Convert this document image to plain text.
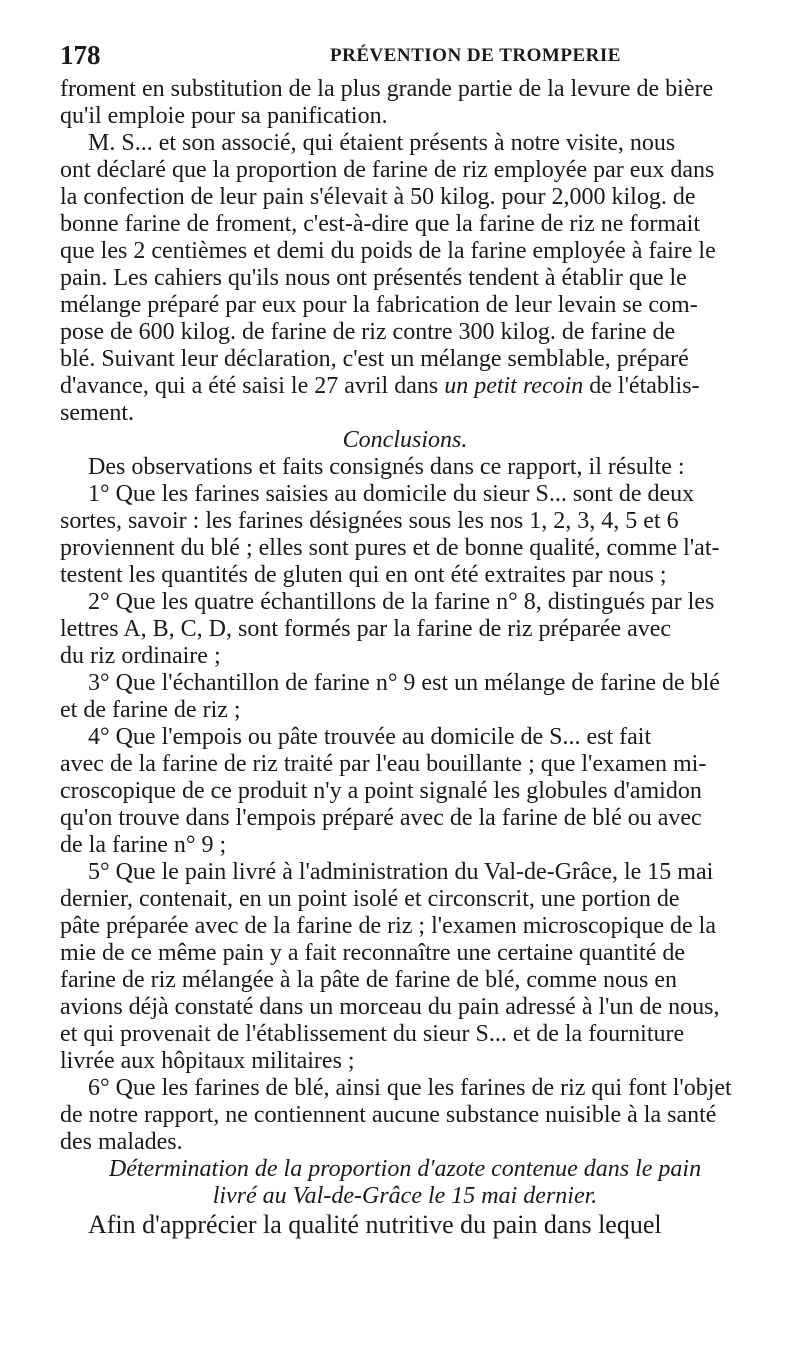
178	PRÉVENTION DE TROMPERIE
froment en substitution de la plus grande partie de la levure de bière
qu'il emploie pour sa panification.
M. S... et son associé, qui étaient présents à notre visite, nous
ont déclaré que la proportion de farine de riz employée par eux dans
la confection de leur pain s'élevait à 50 kilog. pour 2,000 kilog. de
bonne farine de froment, c'est-à-dire que la farine de riz ne formait
que les 2 centièmes et demi du poids de la farine employée à faire le
pain. Les cahiers qu'ils nous ont présentés tendent à établir que le
mélange préparé par eux pour la fabrication de leur levain se com-
pose de 600 kilog. de farine de riz contre 300 kilog. de farine de
blé. Suivant leur déclaration, c'est un mélange semblable, préparé
d'avance, qui a été saisi le 27 avril dans un petit recoin de l'établis-
sement.
Conclusions.
Des observations et faits consignés dans ce rapport, il résulte :
1° Que les farines saisies au domicile du sieur S... sont de deux
sortes, savoir : les farines désignées sous les nos 1, 2, 3, 4, 5 et 6
proviennent du blé ; elles sont pures et de bonne qualité, comme l'at-
testent les quantités de gluten qui en ont été extraites par nous ;
2° Que les quatre échantillons de la farine n° 8, distingués par les
lettres A, B, C, D, sont formés par la farine de riz préparée avec
du riz ordinaire ;
3° Que l'échantillon de farine n° 9 est un mélange de farine de blé
et de farine de riz ;
4° Que l'empois ou pâte trouvée au domicile de S... est fait
avec de la farine de riz traité par l'eau bouillante ; que l'examen mi-
croscopique de ce produit n'y a point signalé les globules d'amidon
qu'on trouve dans l'empois préparé avec de la farine de blé ou avec
de la farine n° 9 ;
5° Que le pain livré à l'administration du Val-de-Grâce, le 15 mai
dernier, contenait, en un point isolé et circonscrit, une portion de
pâte préparée avec de la farine de riz ; l'examen microscopique de la
mie de ce même pain y a fait reconnaître une certaine quantité de
farine de riz mélangée à la pâte de farine de blé, comme nous en
avions déjà constaté dans un morceau du pain adressé à l'un de nous,
et qui provenait de l'établissement du sieur S... et de la fourniture
livrée aux hôpitaux militaires ;
6° Que les farines de blé, ainsi que les farines de riz qui font l'objet
de notre rapport, ne contiennent aucune substance nuisible à la santé
des malades.
Détermination de la proportion d'azote contenue dans le pain
livré au Val-de-Grâce le 15 mai dernier.
Afin d'apprécier la qualité nutritive du pain dans lequel
